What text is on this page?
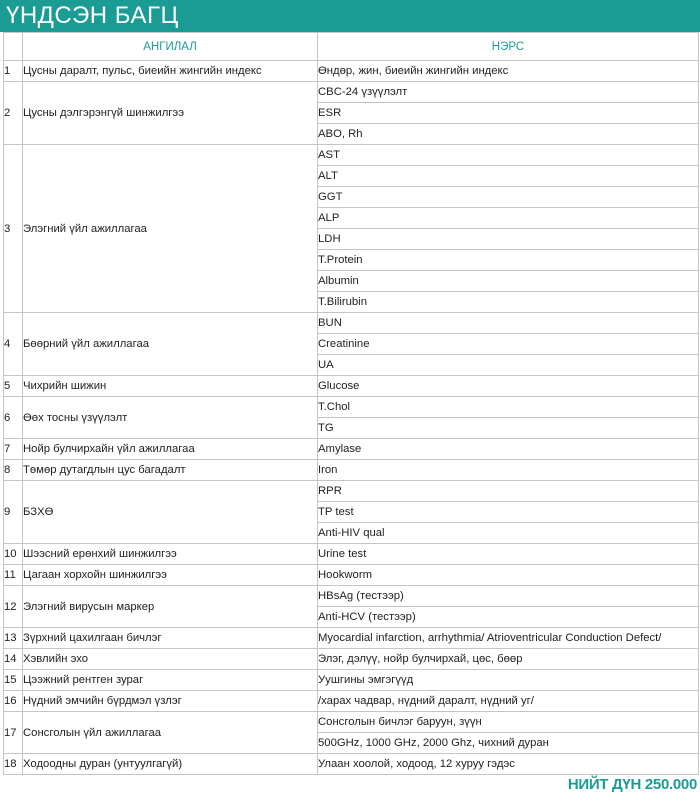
ҮНДСЭН БАГЦ
	АНГИЛАЛ	НЭРС
1	Цусны даралт, пульс, биеийн жингийн индекс	Өндөр, жин, биеийн жингийн индекс
2	Цусны дэлгэрэнгүй шинжилгээ	CBC-24 үзүүлэлт
		ESR
		ABO, Rh
3	Элэгний үйл ажиллагаа	AST
		ALT
		GGT
		ALP
		LDH
		T.Protein
		Albumin
		T.Bilirubin
4	Бөөрний үйл ажиллагаа	BUN
		Creatinine
		UA
5	Чихрийн шижин	Glucose
6	Өөх тосны үзүүлэлт	T.Chol
		TG
7	Нойр булчирхайн үйл ажиллагаа	Amylase
8	Төмөр дутагдлын цус багадалт	Iron
9	БЗХӨ	RPR
		TP test
		Anti-HIV qual
10	Шээсний ерөнхий шинжилгээ	Urine test
11	Цагаан хорхойн шинжилгээ	Hookworm
12	Элэгний вирусын маркер	HBsAg (тестээр)
		Anti-HCV (тестээр)
13	Зүрхний цахилгаан бичлэг	Myocardial infarction, arrhythmia/ Atrioventricular Conduction Defect/
14	Хэвлийн эхо	Элэг, дэлүү, нойр булчирхай, цөс, бөөр
15	Цээжний рентген зураг	Уушгины эмгэгүүд
16	Нүдний эмчийн бүрдмэл үзлэг	/харах чадвар, нүдний даралт, нүдний уг/
17	Сонсголын үйл ажиллагаа	Сонсголын бичлэг баруун, зүүн
		500GHz, 1000 GHz, 2000 Ghz, чихний дуран
18	Ходоодны дуран (унтуулгагүй)	Улаан хоолой, ходоод, 12 хуруу гэдэс
НИЙТ ДҮН 250.000
